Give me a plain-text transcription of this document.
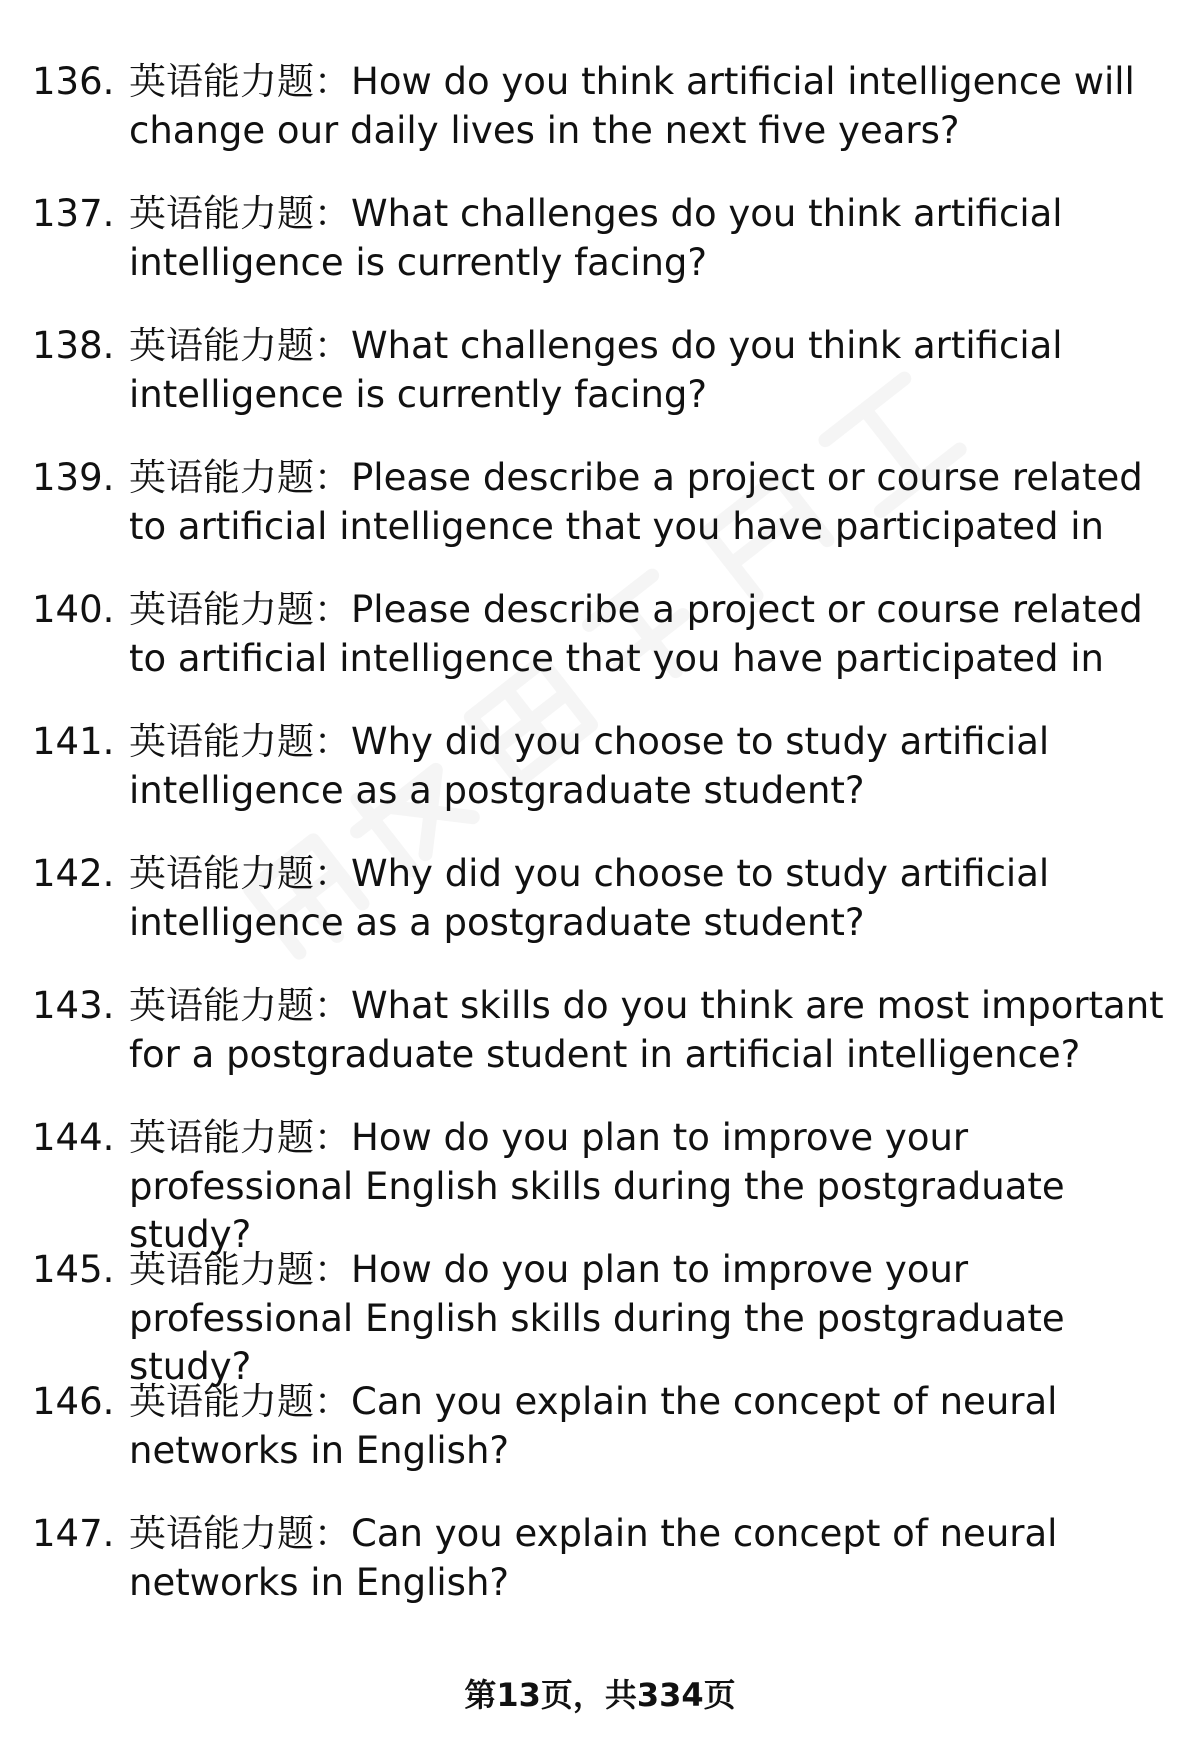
136. 英语能力题：How do you think artificial intelligence will change our daily lives in the next five years?
137. 英语能力题：What challenges do you think artificial intelligence is currently facing?
138. 英语能力题：What challenges do you think artificial intelligence is currently facing?
139. 英语能力题：Please describe a project or course related to artificial intelligence that you have participated in
140. 英语能力题：Please describe a project or course related to artificial intelligence that you have participated in
141. 英语能力题：Why did you choose to study artificial intelligence as a postgraduate student?
142. 英语能力题：Why did you choose to study artificial intelligence as a postgraduate student?
143. 英语能力题：What skills do you think are most important for a postgraduate student in artificial intelligence?
144. 英语能力题：How do you plan to improve your professional English skills during the postgraduate study?
145. 英语能力题：How do you plan to improve your professional English skills during the postgraduate study?
146. 英语能力题：Can you explain the concept of neural networks in English?
147. 英语能力题：Can you explain the concept of neural networks in English?
第13页，共334页
